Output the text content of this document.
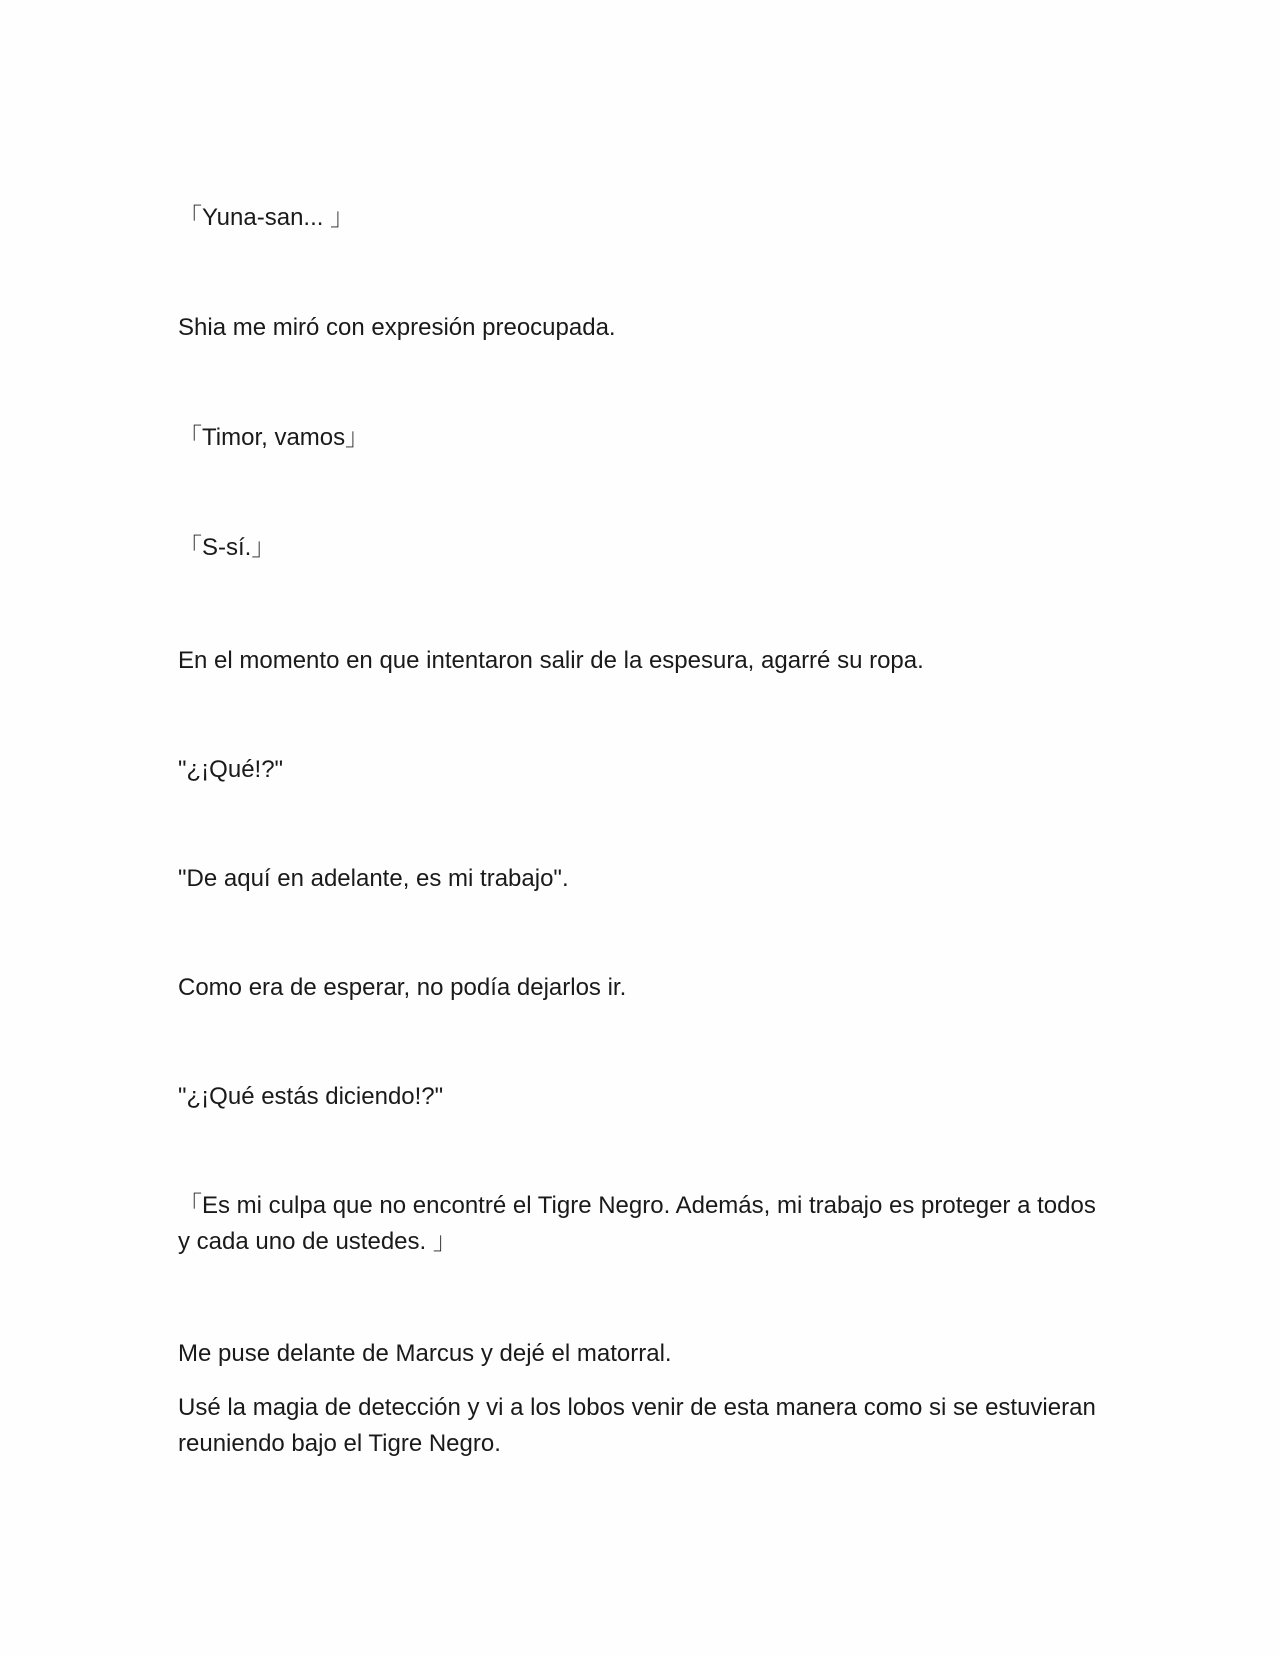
「Yuna-san... 」

Shia me miró con expresión preocupada.

「Timor, vamos」

「S-sí.」

En el momento en que intentaron salir de la espesura, agarré su ropa.

"¿¡Qué!?"

"De aquí en adelante, es mi trabajo".

Como era de esperar, no podía dejarlos ir.

"¿¡Qué estás diciendo!?"

「Es mi culpa que no encontré el Tigre Negro. Además, mi trabajo es proteger a todos y cada uno de ustedes. 」

Me puse delante de Marcus y dejé el matorral.

Usé la magia de detección y vi a los lobos venir de esta manera como si se estuvieran reuniendo bajo el Tigre Negro.
